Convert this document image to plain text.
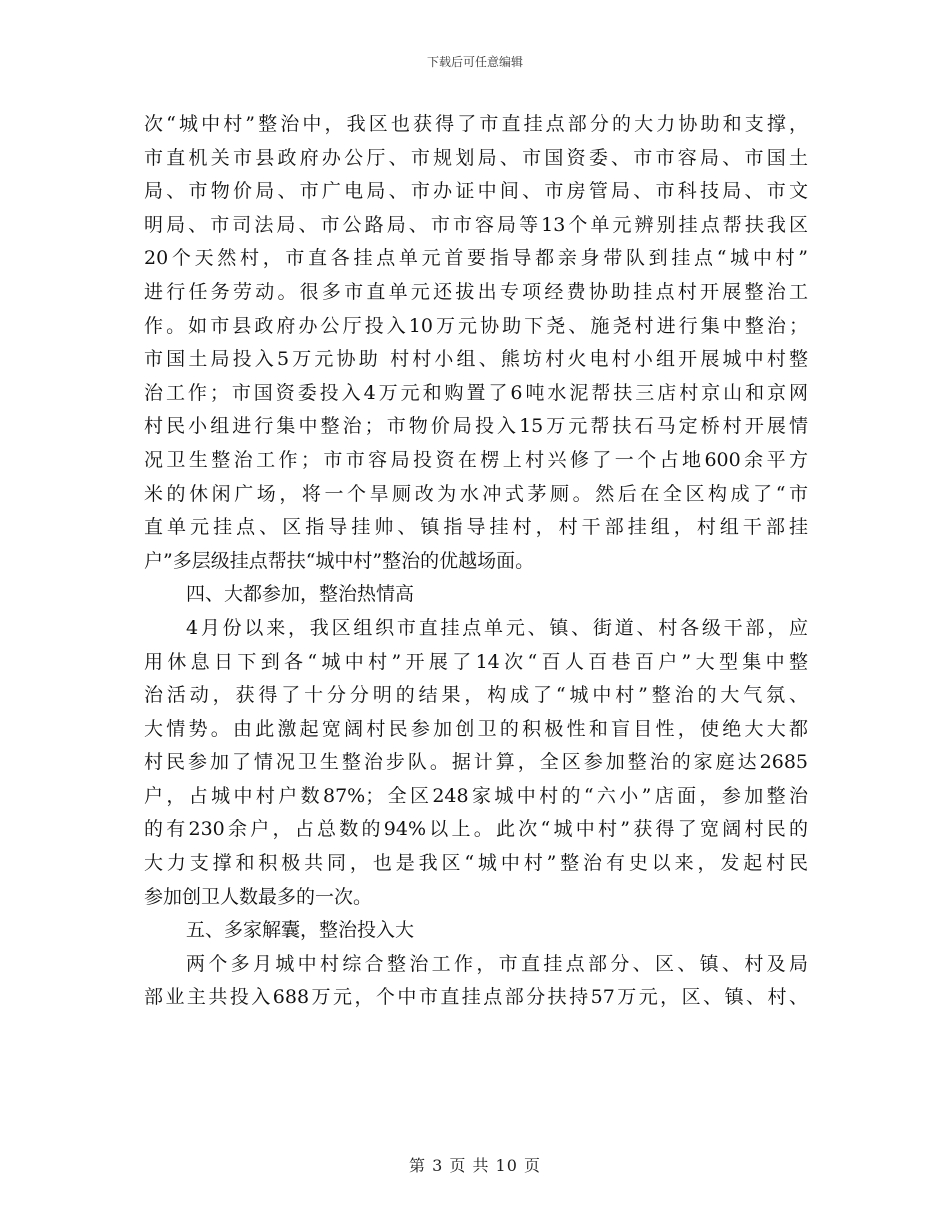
下载后可任意编辑
次“城中村”整治中，我区也获得了市直挂点部分的大力协助和支撑，
市直机关市县政府办公厅、市规划局、市国资委、市市容局、市国土
局、市物价局、市广电局、市办证中间、市房管局、市科技局、市文
明局、市司法局、市公路局、市市容局等13个单元辨别挂点帮扶我区
20个天然村，市直各挂点单元首要指导都亲身带队到挂点“城中村”
进行任务劳动。很多市直单元还拔出专项经费协助挂点村开展整治工
作。如市县政府办公厅投入10万元协助下尧、施尧村进行集中整治；
市国土局投入5万元协助 村村小组、熊坊村火电村小组开展城中村整
治工作；市国资委投入4万元和购置了6吨水泥帮扶三店村京山和京网
村民小组进行集中整治；市物价局投入15万元帮扶石马定桥村开展情
况卫生整治工作；市市容局投资在楞上村兴修了一个占地600余平方
米的休闲广场，将一个旱厕改为水冲式茅厕。然后在全区构成了“市
直单元挂点、区指导挂帅、镇指导挂村，村干部挂组，村组干部挂
户”多层级挂点帮扶“城中村”整治的优越场面。
四、大都参加，整治热情高
4月份以来，我区组织市直挂点单元、镇、街道、村各级干部，应
用休息日下到各“城中村”开展了14次“百人百巷百户”大型集中整
治活动，获得了十分分明的结果，构成了“城中村”整治的大气氛、
大情势。由此激起宽阔村民参加创卫的积极性和盲目性，使绝大大都
村民参加了情况卫生整治步队。据计算，全区参加整治的家庭达2685
户，占城中村户数87%；全区248家城中村的“六小”店面，参加整治
的有230余户，占总数的94%以上。此次“城中村”获得了宽阔村民的
大力支撑和积极共同，也是我区“城中村”整治有史以来，发起村民
参加创卫人数最多的一次。
五、多家解囊，整治投入大
两个多月城中村综合整治工作，市直挂点部分、区、镇、村及局
部业主共投入688万元，个中市直挂点部分扶持57万元，区、镇、村、
第 3 页 共 10 页
